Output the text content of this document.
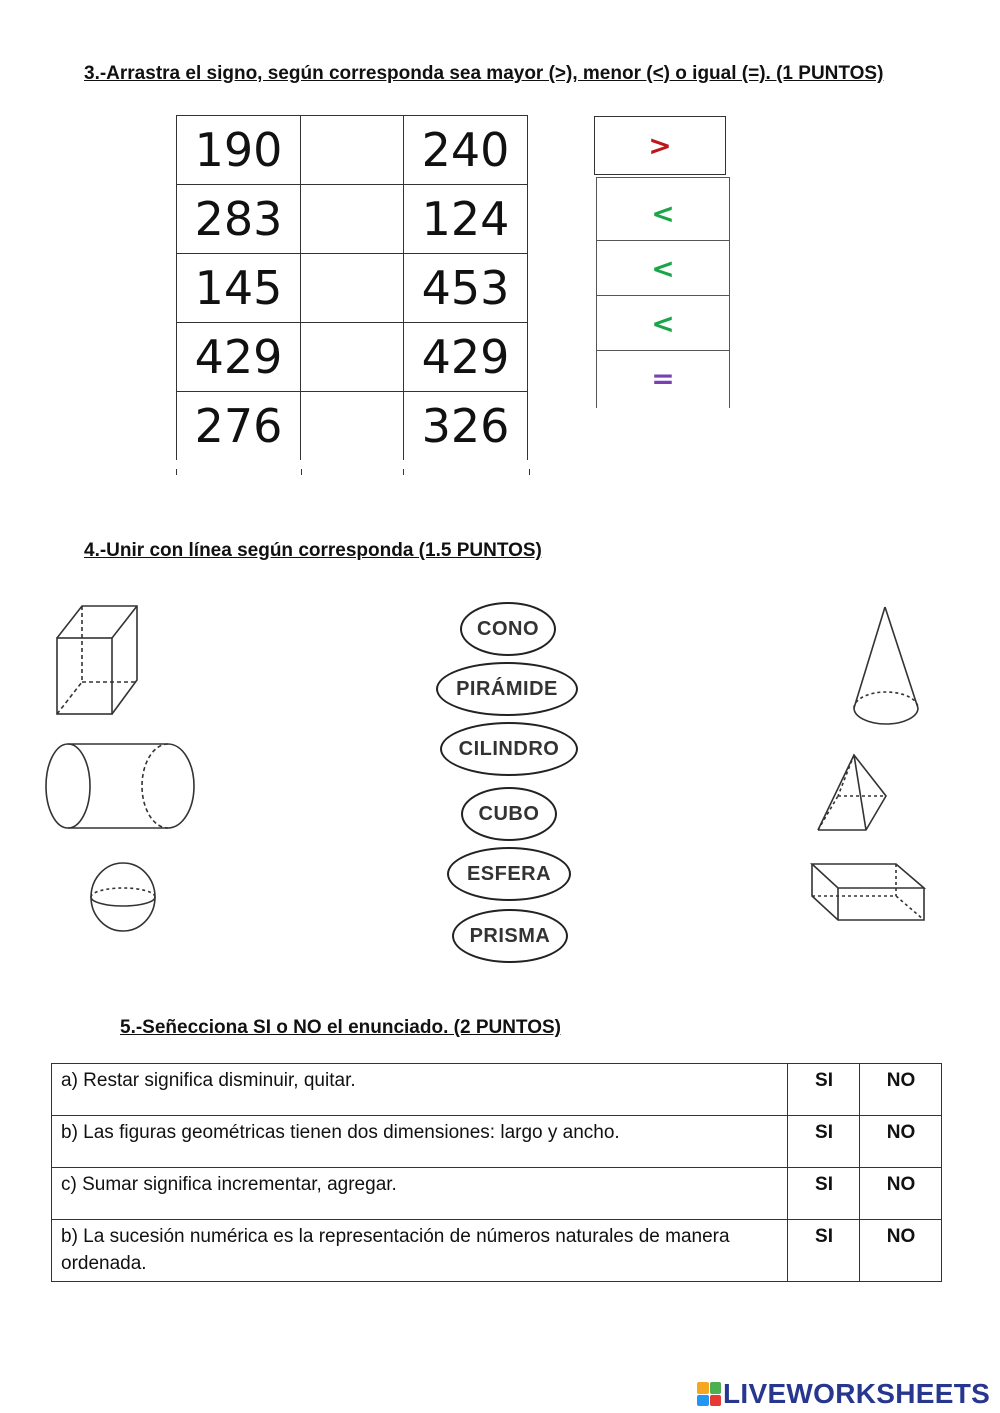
3.-Arrastra el signo, según corresponda sea mayor (>), menor (<) o igual (=). (1 PUNTOS)
190		240
283		124
145		453
429		429
276		326
>
<
<
<
=
4.-Unir con línea según corresponda (1.5 PUNTOS)
CONO
PIRÁMIDE
CILINDRO
CUBO
ESFERA
PRISMA
5.-Señecciona SI o NO el enunciado. (2 PUNTOS)
a) Restar significa disminuir, quitar.	SI	NO
b) Las figuras geométricas tienen dos dimensiones: largo y ancho.	SI	NO
c) Sumar significa incrementar, agregar.	SI	NO
b) La sucesión numérica es la representación de números naturales de manera ordenada.	SI	NO
LIVEWORKSHEETS
